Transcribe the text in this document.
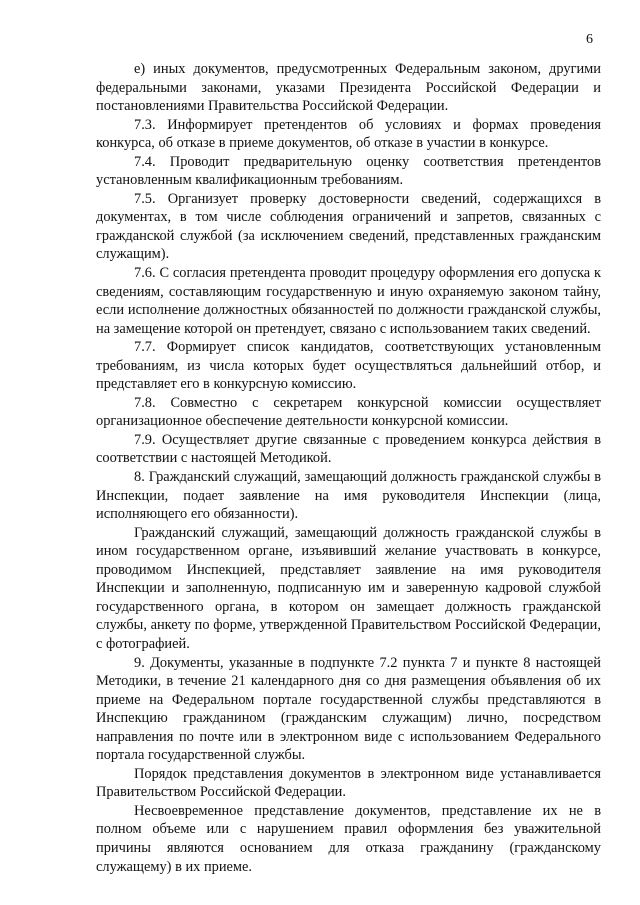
6

е) иных документов, предусмотренных Федеральным законом, другими федеральными законами, указами Президента Российской Федерации и постановлениями Правительства Российской Федерации.

7.3. Информирует претендентов об условиях и формах проведения конкурса, об отказе в приеме документов, об отказе в участии в конкурсе.

7.4. Проводит предварительную оценку соответствия претендентов установленным квалификационным требованиям.

7.5. Организует проверку достоверности сведений, содержащихся в документах, в том числе соблюдения ограничений и запретов, связанных с гражданской службой (за исключением сведений, представленных гражданским служащим).

7.6. С согласия претендента проводит процедуру оформления его допуска к сведениям, составляющим государственную и иную охраняемую законом тайну, если исполнение должностных обязанностей по должности гражданской службы, на замещение которой он претендует, связано с использованием таких сведений.

7.7. Формирует список кандидатов, соответствующих установленным требованиям, из числа которых будет осуществляться дальнейший отбор, и представляет его в конкурсную комиссию.

7.8. Совместно с секретарем конкурсной комиссии осуществляет организационное обеспечение деятельности конкурсной комиссии.

7.9. Осуществляет другие связанные с проведением конкурса действия в соответствии с настоящей Методикой.

8. Гражданский служащий, замещающий должность гражданской службы в Инспекции, подает заявление на имя руководителя Инспекции (лица, исполняющего его обязанности).

Гражданский служащий, замещающий должность гражданской службы в ином государственном органе, изъявивший желание участвовать в конкурсе, проводимом Инспекцией, представляет заявление на имя руководителя Инспекции и заполненную, подписанную им и заверенную кадровой службой государственного органа, в котором он замещает должность гражданской службы, анкету по форме, утвержденной Правительством Российской Федерации, с фотографией.

9. Документы, указанные в подпункте 7.2 пункта 7 и пункте 8 настоящей Методики, в течение 21 календарного дня со дня размещения объявления об их приеме на Федеральном портале государственной службы представляются в Инспекцию гражданином (гражданским служащим) лично, посредством направления по почте или в электронном виде с использованием Федерального портала государственной службы.

Порядок представления документов в электронном виде устанавливается Правительством Российской Федерации.

Несвоевременное представление документов, представление их не в полном объеме или с нарушением правил оформления без уважительной причины являются основанием для отказа гражданину (гражданскому служащему) в их приеме.
